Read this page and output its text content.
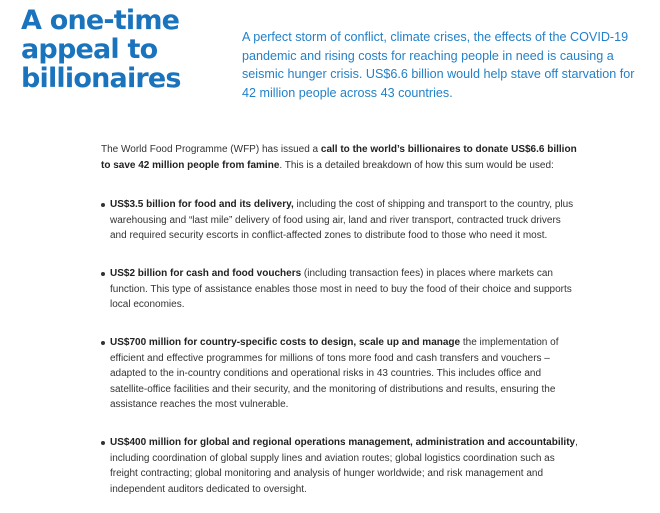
A one-time appeal to billionaires

A perfect storm of conflict, climate crises, the effects of the COVID-19 pandemic and rising costs for reaching people in need is causing a seismic hunger crisis. US$6.6 billion would help stave off starvation for 42 million people across 43 countries.

The World Food Programme (WFP) has issued a call to the world’s billionaires to donate US$6.6 billion to save 42 million people from famine. This is a detailed breakdown of how this sum would be used:

US$3.5 billion for food and its delivery, including the cost of shipping and transport to the country, plus warehousing and “last mile” delivery of food using air, land and river transport, contracted truck drivers and required security escorts in conflict-affected zones to distribute food to those who need it most.
US$2 billion for cash and food vouchers (including transaction fees) in places where markets can function. This type of assistance enables those most in need to buy the food of their choice and supports local economies.
US$700 million for country-specific costs to design, scale up and manage the implementation of efficient and effective programmes for millions of tons more food and cash transfers and vouchers – adapted to the in-country conditions and operational risks in 43 countries. This includes office and satellite-office facilities and their security, and the monitoring of distributions and results, ensuring the assistance reaches the most vulnerable.
US$400 million for global and regional operations management, administration and accountability, including coordination of global supply lines and aviation routes; global logistics coordination such as freight contracting; global monitoring and analysis of hunger worldwide; and risk management and independent auditors dedicated to oversight.
